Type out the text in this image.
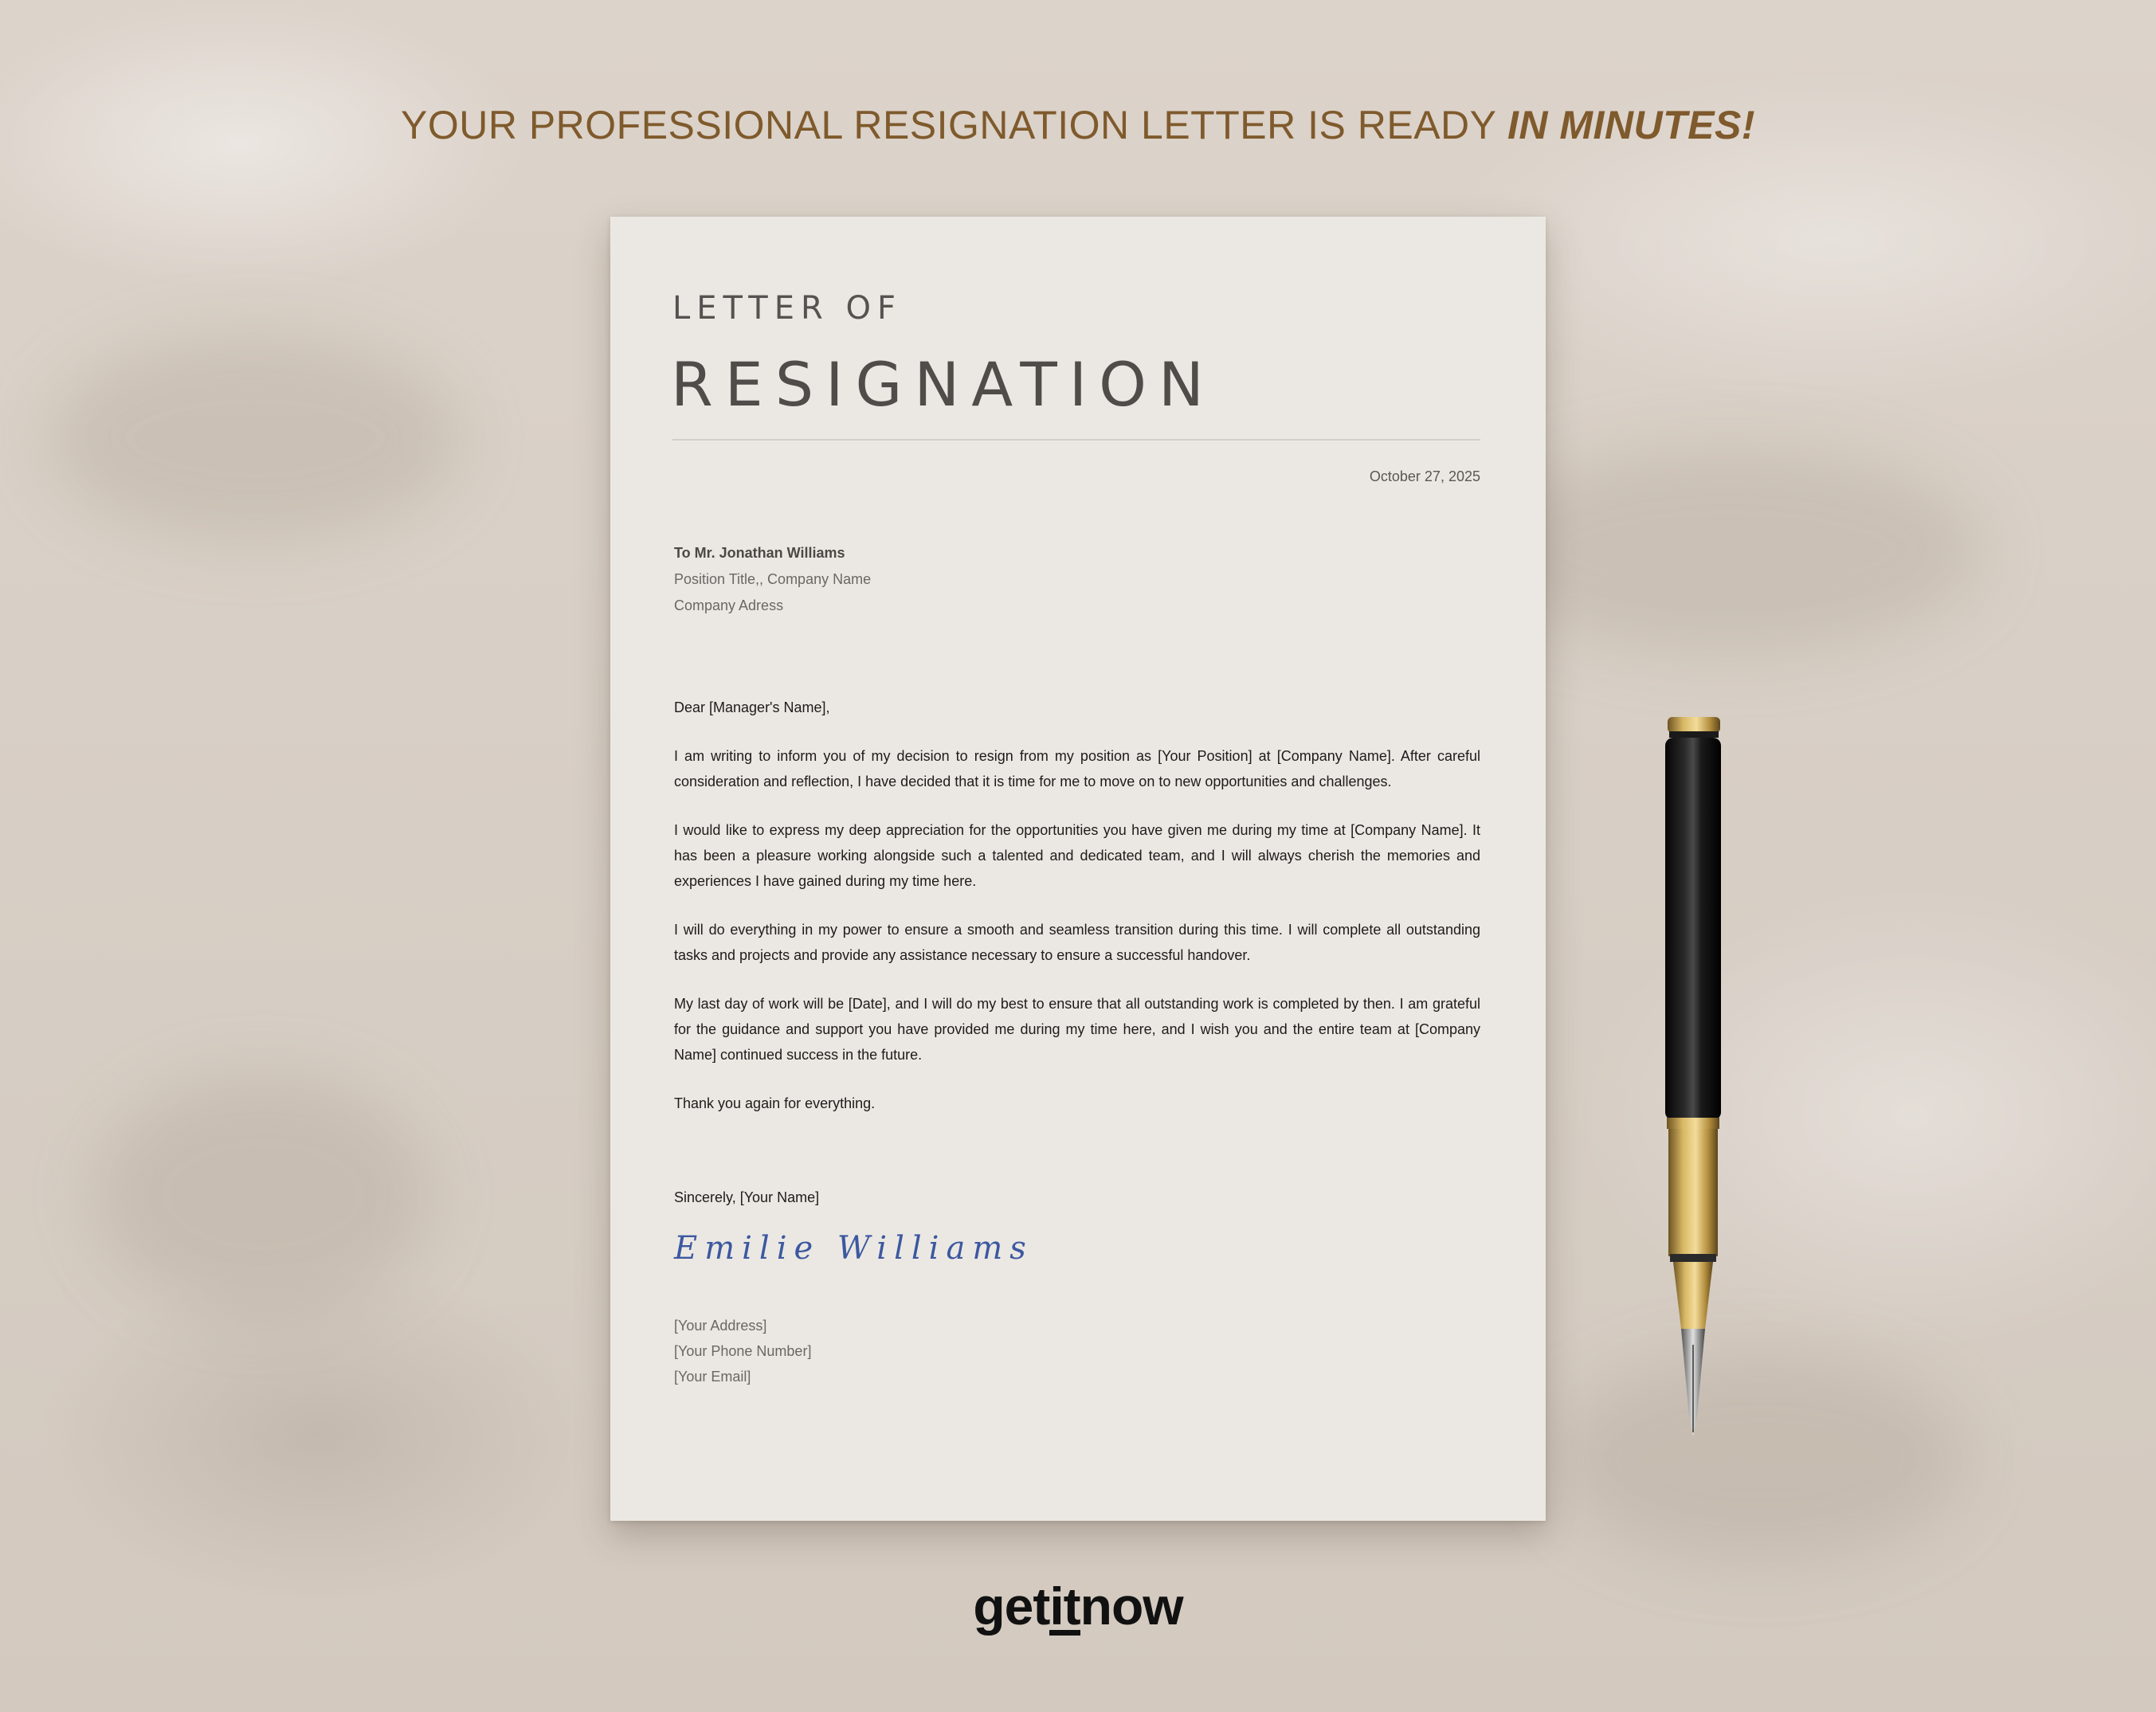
YOUR PROFESSIONAL RESIGNATION LETTER IS READY IN MINUTES!
LETTER OF
RESIGNATION
October 27, 2025
To Mr. Jonathan Williams
Position Title,, Company Name
Company Adress

Dear [Manager's Name],

I am writing to inform you of my decision to resign from my position as [Your Position] at [Company Name]. After careful consideration and reflection, I have decided that it is time for me to move on to new opportunities and challenges.

I would like to express my deep appreciation for the opportunities you have given me during my time at [Company Name]. It has been a pleasure working alongside such a talented and dedicated team, and I will always cherish the memories and experiences I have gained during my time here.

I will do everything in my power to ensure a smooth and seamless transition during this time. I will complete all outstanding tasks and projects and provide any assistance necessary to ensure a successful handover.

My last day of work will be [Date], and I will do my best to ensure that all outstanding work is completed by then. I am grateful for the guidance and support you have provided me during my time here, and I wish you and the entire team at [Company Name] continued success in the future.

Thank you again for everything.

Sincerely, [Your Name]
Emilie Williams
[Your Address]
[Your Phone Number]
[Your Email]
getitnow
